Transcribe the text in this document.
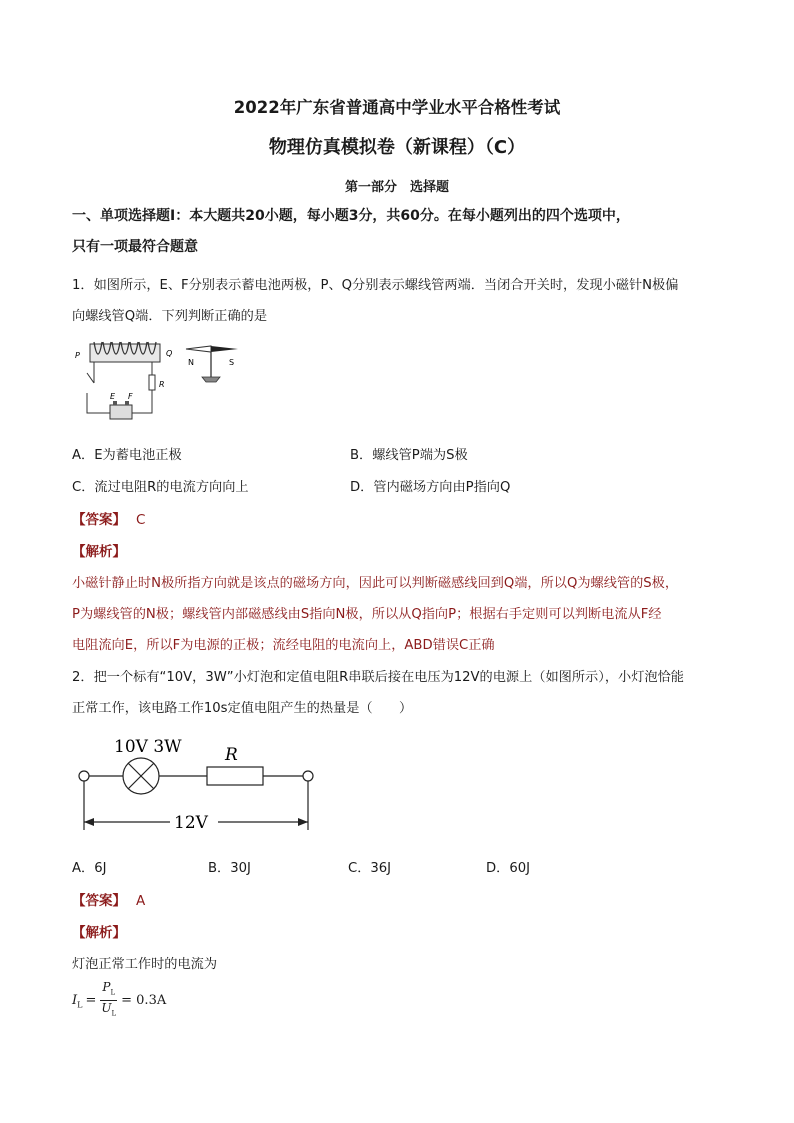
2022年广东省普通高中学业水平合格性考试
物理仿真模拟卷（新课程）（C）
第一部分　选择题
一、单项选择题Ⅰ：本大题共20小题，每小题3分，共60分。在每小题列出的四个选项中，
只有一项最符合题意
1．如图所示，E、F分别表示蓄电池两极，P、Q分别表示螺线管两端．当闭合开关时，发现小磁针N极偏
向螺线管Q端．下列判断正确的是
P	Q
R
E F
N	S
A．E为蓄电池正极	B．螺线管P端为S极
C．流过电阻R的电流方向向上	D．管内磁场方向由P指向Q
【答案】 C
【解析】
小磁针静止时N极所指方向就是该点的磁场方向，因此可以判断磁感线回到Q端，所以Q为螺线管的S极，
P为螺线管的N极；螺线管内部磁感线由S指向N极，所以从Q指向P；根据右手定则可以判断电流从F经
电阻流向E，所以F为电源的正极；流经电阻的电流向上，ABD错误C正确
2．把一个标有“10V，3W”小灯泡和定值电阻R串联后接在电压为12V的电源上（如图所示），小灯泡恰能
正常工作，该电路工作10s定值电阻产生的热量是（　　）
10V 3W	R
12V
A．6J	B．30J	C．36J	D．60J
【答案】 A
【解析】
灯泡正常工作时的电流为
$I_L = \frac{P_L}{U_L} = 0.3A$
